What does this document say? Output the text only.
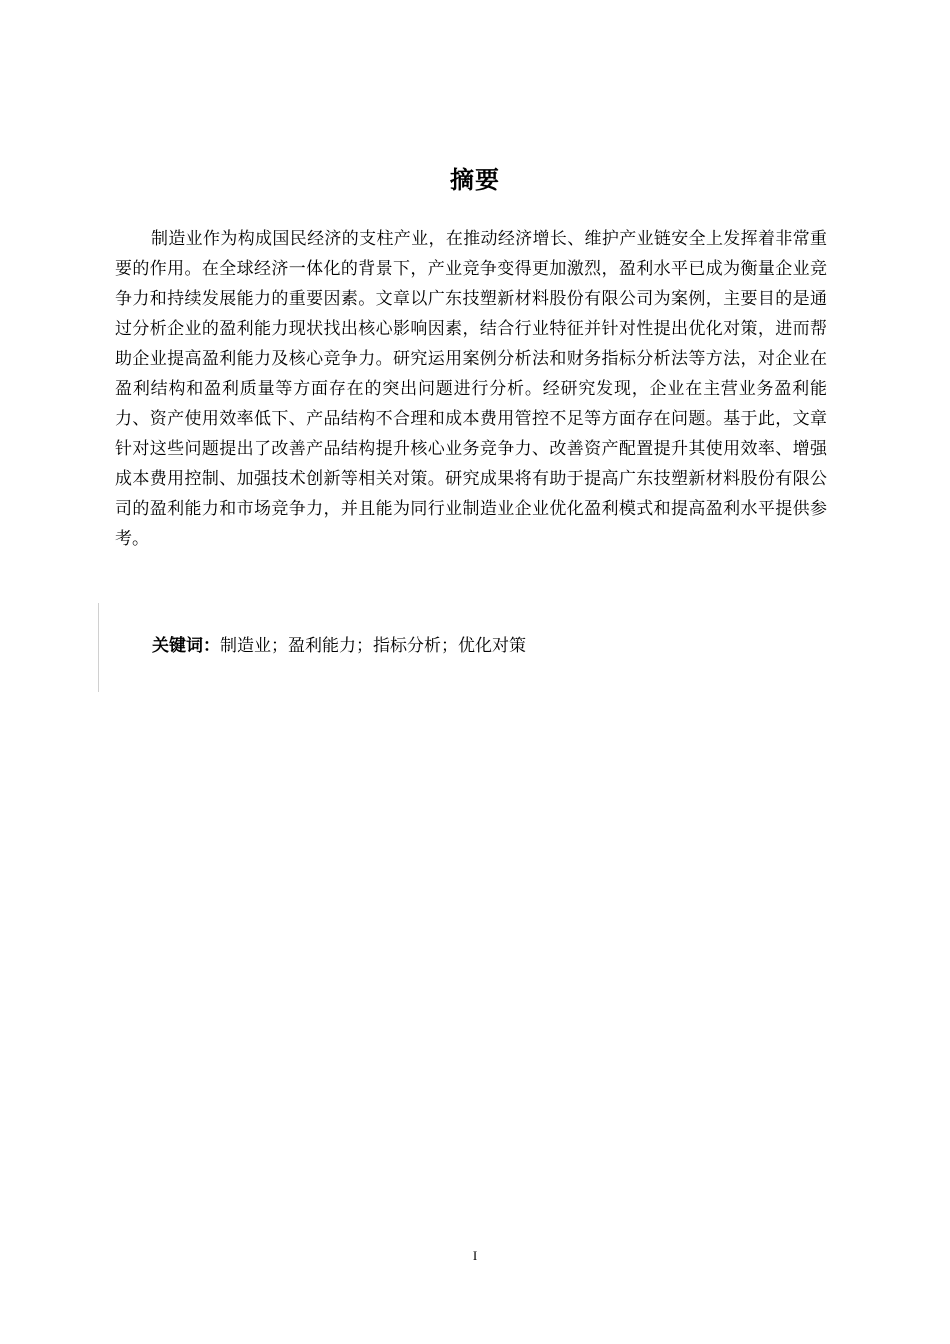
摘要

制造业作为构成国民经济的支柱产业，在推动经济增长、维护产业链安全上发挥着非常重要的作用。在全球经济一体化的背景下，产业竞争变得更加激烈，盈利水平已成为衡量企业竞争力和持续发展能力的重要因素。文章以广东技塑新材料股份有限公司为案例，主要目的是通过分析企业的盈利能力现状找出核心影响因素，结合行业特征并针对性提出优化对策，进而帮助企业提高盈利能力及核心竞争力。研究运用案例分析法和财务指标分析法等方法，对企业在盈利结构和盈利质量等方面存在的突出问题进行分析。经研究发现，企业在主营业务盈利能力、资产使用效率低下、产品结构不合理和成本费用管控不足等方面存在问题。基于此，文章针对这些问题提出了改善产品结构提升核心业务竞争力、改善资产配置提升其使用效率、增强成本费用控制、加强技术创新等相关对策。研究成果将有助于提高广东技塑新材料股份有限公司的盈利能力和市场竞争力，并且能为同行业制造业企业优化盈利模式和提高盈利水平提供参考。

关键词：制造业；盈利能力；指标分析；优化对策
I
